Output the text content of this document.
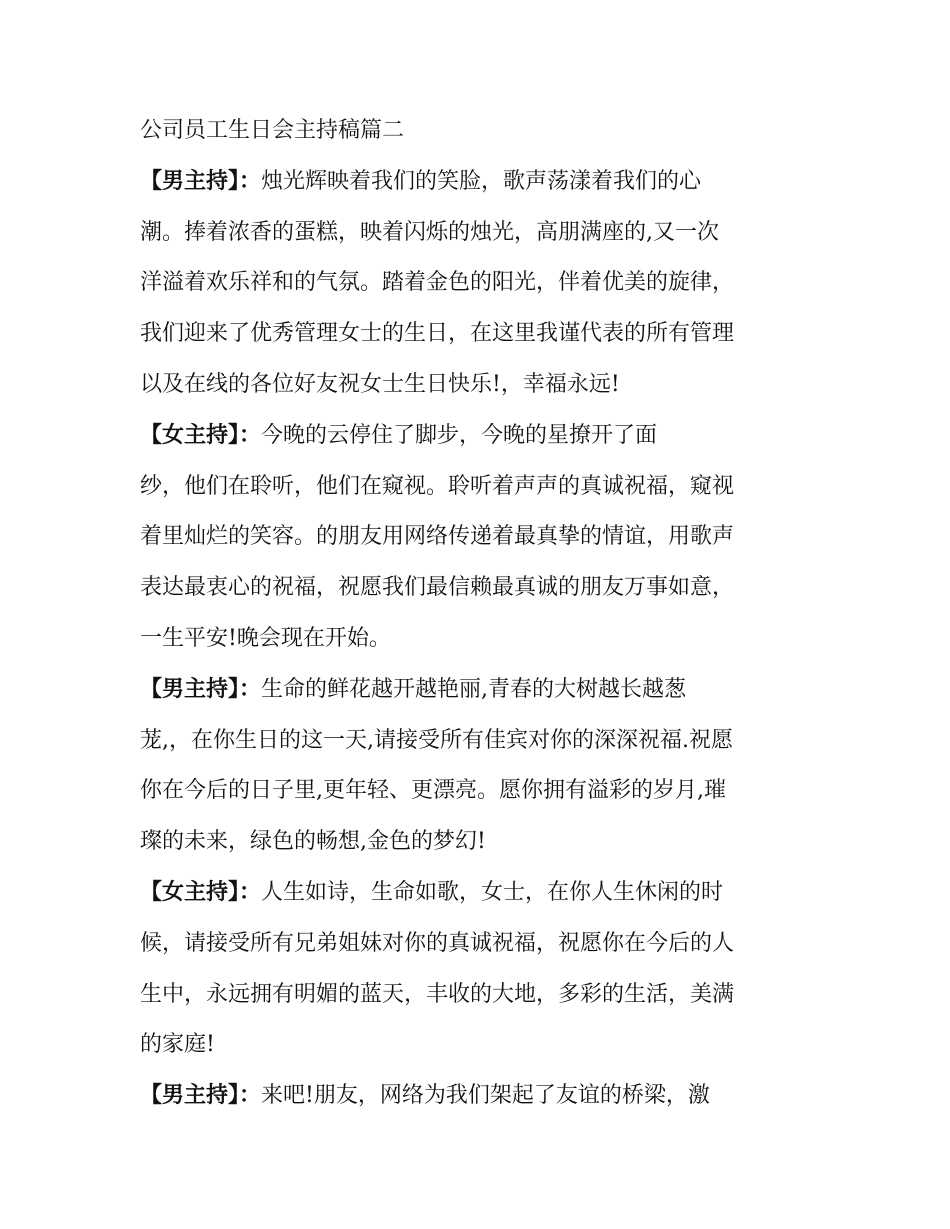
公司员工生日会主持稿篇二
【男主持】：烛光辉映着我们的笑脸，歌声荡漾着我们的心
潮。捧着浓香的蛋糕，映着闪烁的烛光，高朋满座的,又一次
洋溢着欢乐祥和的气氛。踏着金色的阳光，伴着优美的旋律，
我们迎来了优秀管理女士的生日，在这里我谨代表的所有管理
以及在线的各位好友祝女士生日快乐!，幸福永远!
【女主持】：今晚的云停住了脚步，今晚的星撩开了面
纱，他们在聆听，他们在窥视。聆听着声声的真诚祝福，窥视
着里灿烂的笑容。的朋友用网络传递着最真挚的情谊，用歌声
表达最衷心的祝福，祝愿我们最信赖最真诚的朋友万事如意，
一生平安!晚会现在开始。
【男主持】：生命的鲜花越开越艳丽,青春的大树越长越葱
茏,，在你生日的这一天,请接受所有佳宾对你的深深祝福.祝愿
你在今后的日子里,更年轻、更漂亮。愿你拥有溢彩的岁月,璀
璨的未来，绿色的畅想,金色的梦幻!
【女主持】：人生如诗，生命如歌，女士，在你人生休闲的时
候，请接受所有兄弟姐妹对你的真诚祝福，祝愿你在今后的人
生中，永远拥有明媚的蓝天，丰收的大地，多彩的生活，美满
的家庭!
【男主持】：来吧!朋友，网络为我们架起了友谊的桥梁，激
